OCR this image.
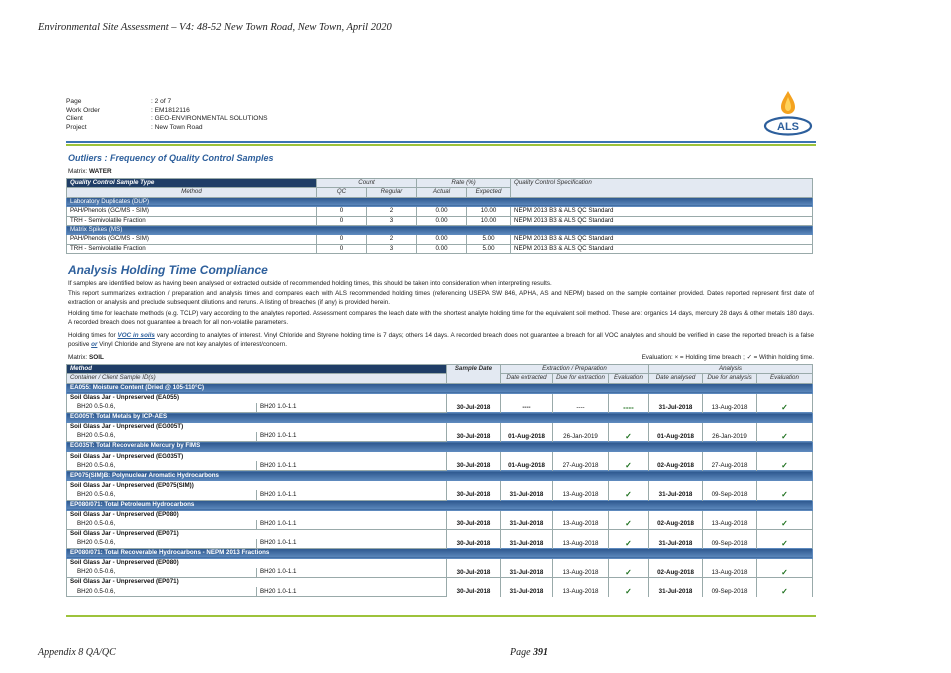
Environmental Site Assessment – V4: 48-52 New Town Road, New Town, April 2020
Page	: 2 of 7
Work Order	: EM1812116
Client	: GEO-ENVIRONMENTAL SOLUTIONS
Project	: New Town Road	ALS
Outliers : Frequency of Quality Control Samples
Matrix: WATER
Quality Control Sample Type	Count		Rate (%)		Quality Control Specification
Method	QC	Regular	Actual	Expected	
Laboratory Duplicates (DUP)					
PAH/Phenols (GC/MS - SIM)	0	2	0.00	10.00	NEPM 2013 B3 & ALS QC Standard
TRH - Semivolatile Fraction	0	3	0.00	10.00	NEPM 2013 B3 & ALS QC Standard
Matrix Spikes (MS)					
PAH/Phenols (GC/MS - SIM)	0	2	0.00	5.00	NEPM 2013 B3 & ALS QC Standard
TRH - Semivolatile Fraction	0	3	0.00	5.00	NEPM 2013 B3 & ALS QC Standard
Analysis Holding Time Compliance
If samples are identified below as having been analysed or extracted outside of recommended holding times, this should be taken into consideration when interpreting results.
This report summarizes extraction / preparation and analysis times and compares each with ALS recommended holding times (referencing USEPA SW 846, APHA, AS and NEPM) based on the sample container provided. Dates reported represent first date of extraction or analysis and preclude subsequent dilutions and reruns. A listing of breaches (if any) is provided herein.
Holding time for leachate methods (e.g. TCLP) vary according to the analytes reported. Assessment compares the leach date with the shortest analyte holding time for the equivalent soil method. These are: organics 14 days, mercury 28 days & other metals 180 days. A recorded breach does not guarantee a breach for all non-volatile parameters.
Holding times for VOC in soils vary according to analytes of interest. Vinyl Chloride and Styrene holding time is 7 days; others 14 days. A recorded breach does not guarantee a breach for all VOC analytes and should be verified in case the reported breach is a false positive or Vinyl Chloride and Styrene are not key analytes of interest/concern.
Matrix: SOIL	Evaluation: × = Holding time breach ; ✓ = Within holding time.
Method		Sample Date	Extraction / Preparation			Analysis		
Container / Client Sample ID(s)			Date extracted	Due for extraction	Evaluation	Date analysed	Due for analysis	Evaluation
EA055: Moisture Content (Dried @ 105-110°C)								
Soil Glass Jar - Unpreserved (EA055)		30-Jul-2018	----	----	----	31-Jul-2018	13-Aug-2018	✓
BH20 0.5-0.6,	BH20 1.0-1.1							
EG005T: Total Metals by ICP-AES								
Soil Glass Jar - Unpreserved (EG005T)		30-Jul-2018	01-Aug-2018	26-Jan-2019	✓	01-Aug-2018	26-Jan-2019	✓
BH20 0.5-0.6,	BH20 1.0-1.1							
EG035T: Total Recoverable Mercury by FIMS								
Soil Glass Jar - Unpreserved (EG035T)		30-Jul-2018	01-Aug-2018	27-Aug-2018	✓	02-Aug-2018	27-Aug-2018	✓
BH20 0.5-0.6,	BH20 1.0-1.1							
EP075(SIM)B: Polynuclear Aromatic Hydrocarbons								
Soil Glass Jar - Unpreserved (EP075(SIM))		30-Jul-2018	31-Jul-2018	13-Aug-2018	✓	31-Jul-2018	09-Sep-2018	✓
BH20 0.5-0.6,	BH20 1.0-1.1							
EP080/071: Total Petroleum Hydrocarbons								
Soil Glass Jar - Unpreserved (EP080)		30-Jul-2018	31-Jul-2018	13-Aug-2018	✓	02-Aug-2018	13-Aug-2018	✓
BH20 0.5-0.6,	BH20 1.0-1.1							
Soil Glass Jar - Unpreserved (EP071)		30-Jul-2018	31-Jul-2018	13-Aug-2018	✓	31-Jul-2018	09-Sep-2018	✓
BH20 0.5-0.6,	BH20 1.0-1.1							
EP080/071: Total Recoverable Hydrocarbons - NEPM 2013 Fractions								
Soil Glass Jar - Unpreserved (EP080)		30-Jul-2018	31-Jul-2018	13-Aug-2018	✓	02-Aug-2018	13-Aug-2018	✓
BH20 0.5-0.6,	BH20 1.0-1.1							
Soil Glass Jar - Unpreserved (EP071)		30-Jul-2018	31-Jul-2018	13-Aug-2018	✓	31-Jul-2018	09-Sep-2018	✓
BH20 0.5-0.6,	BH20 1.0-1.1							
Appendix 8 QA/QC	Page 391
